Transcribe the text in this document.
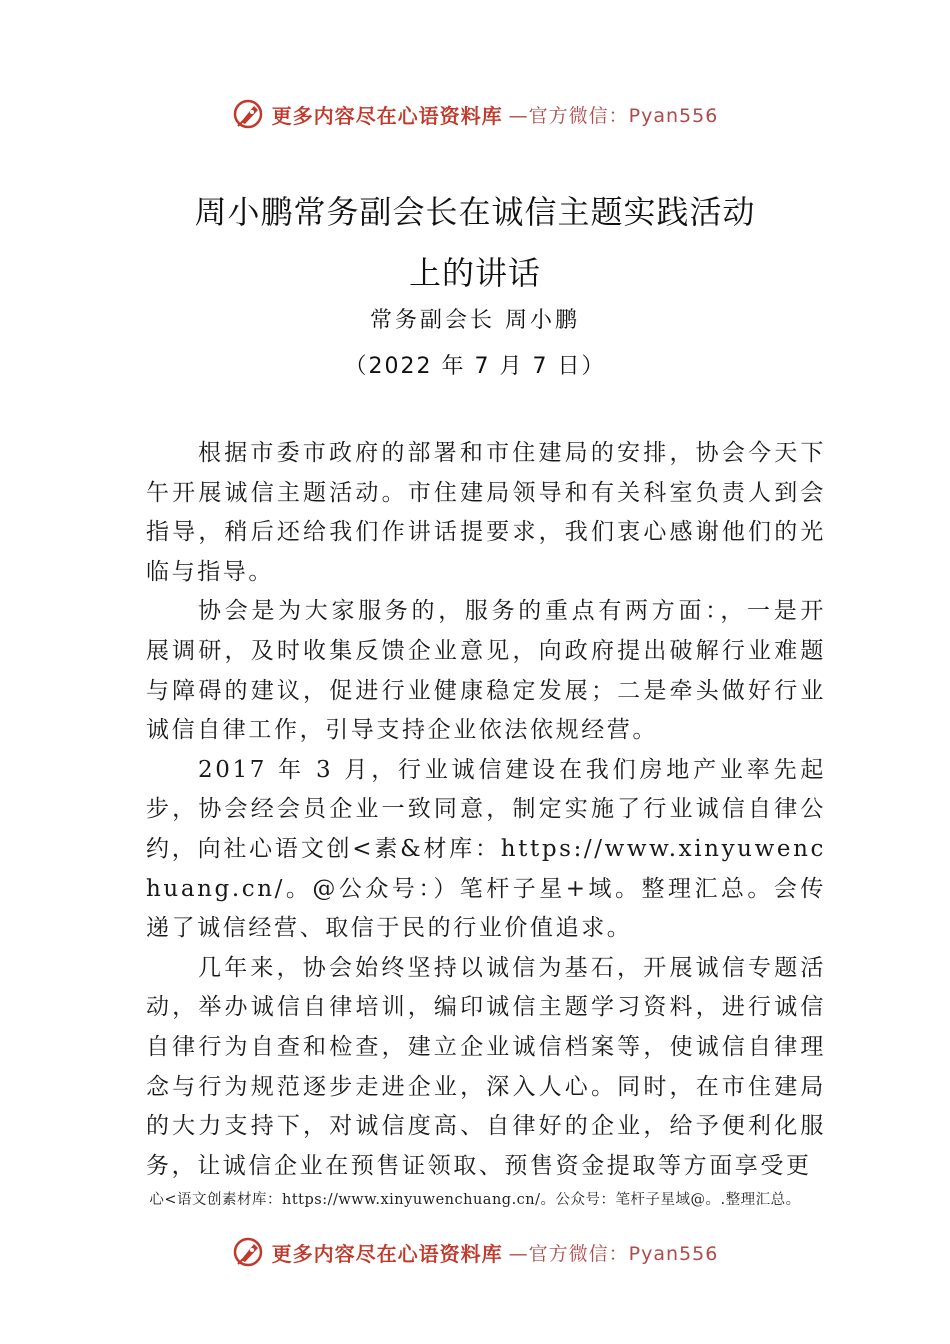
更多内容尽在心语资料库 —官方微信：Pyan556
周小鹏常务副会长在诚信主题实践活动
上的讲话
常务副会长 周小鹏
（2022 年 7 月 7 日）

根据市委市政府的部署和市住建局的安排，协会今天下午开展诚信主题活动。市住建局领导和有关科室负责人到会指导，稍后还给我们作讲话提要求，我们衷心感谢他们的光临与指导。

协会是为大家服务的，服务的重点有两方面：，一是开展调研，及时收集反馈企业意见，向政府提出破解行业难题与障碍的建议，促进行业健康稳定发展；二是牵头做好行业诚信自律工作，引导支持企业依法依规经营。

2017 年 3 月，行业诚信建设在我们房地产业率先起步，协会经会员企业一致同意，制定实施了行业诚信自律公约，向社心语文创<素&材库：https://www.xinyuwenchuang.cn/。@公众号：）笔杆子星+域。整理汇总。会传递了诚信经营、取信于民的行业价值追求。

几年来，协会始终坚持以诚信为基石，开展诚信专题活动，举办诚信自律培训，编印诚信主题学习资料，进行诚信自律行为自查和检查，建立企业诚信档案等，使诚信自律理念与行为规范逐步走进企业，深入人心。同时，在市住建局的大力支持下，对诚信度高、自律好的企业，给予便利化服务，让诚信企业在预售证领取、预售资金提取等方面享受更

心<语文创素材库：https://www.xinyuwenchuang.cn/。公众号：笔杆子星域@。.整理汇总。
更多内容尽在心语资料库 —官方微信：Pyan556
